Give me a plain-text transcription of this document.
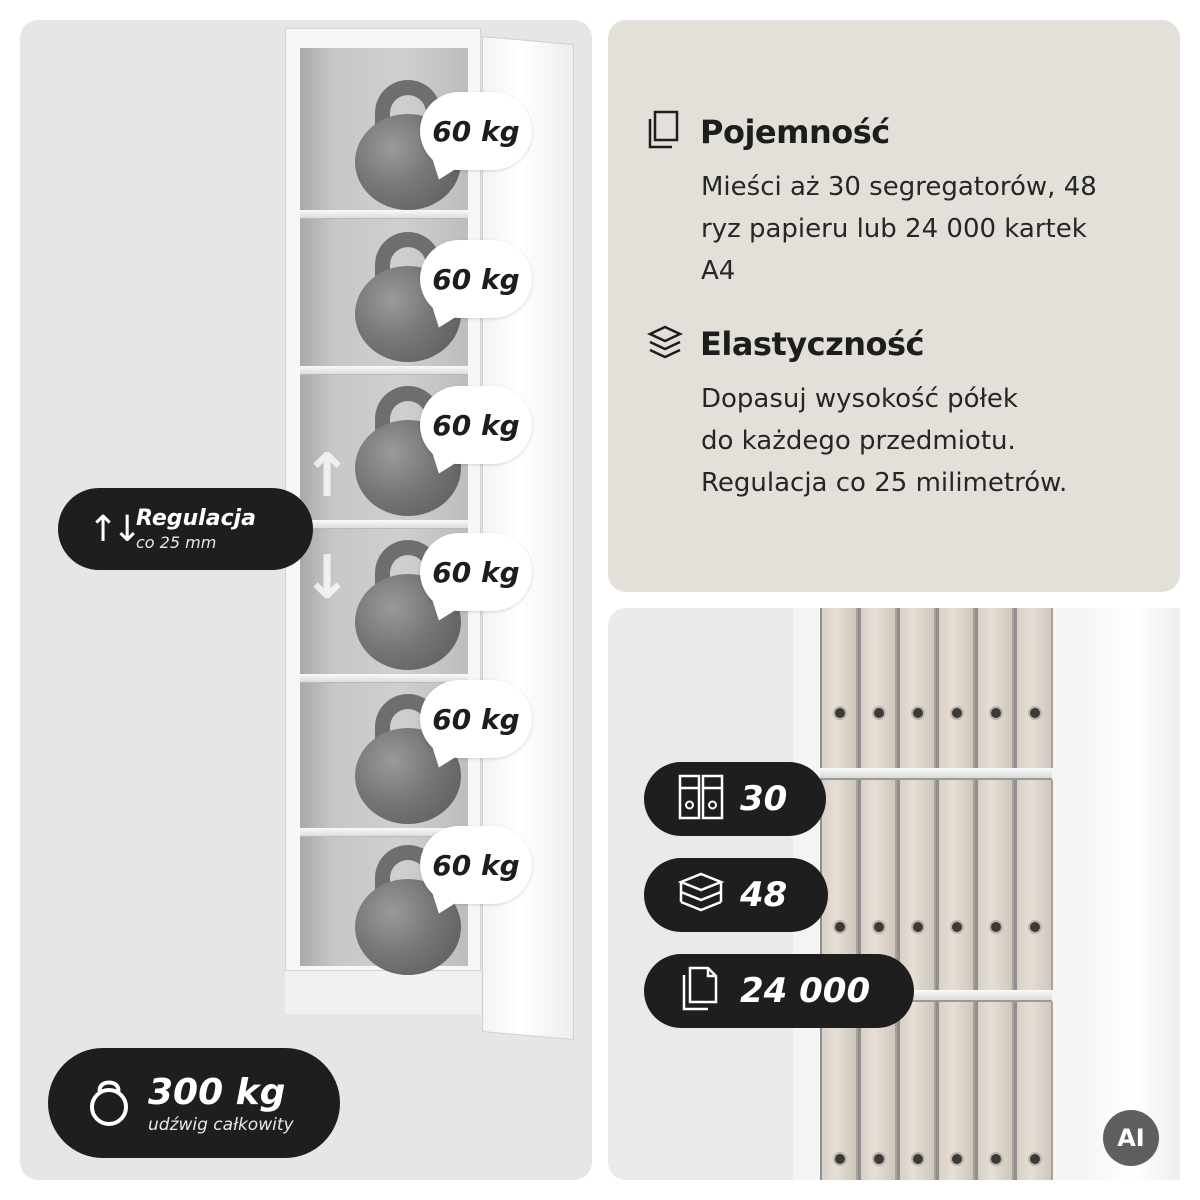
↑
↓
60 kg
60 kg
60 kg
60 kg
60 kg
60 kg
↑↓ Regulacja
co 25 mm
300 kg
udźwig całkowity
Pojemność
Mieści aż 30 segregatorów, 48
ryz papieru lub 24 000 kartek
A4
Elastyczność
Dopasuj wysokość półek
do każdego przedmiotu.
Regulacja co 25 milimetrów.
30
48
24 000
AI
